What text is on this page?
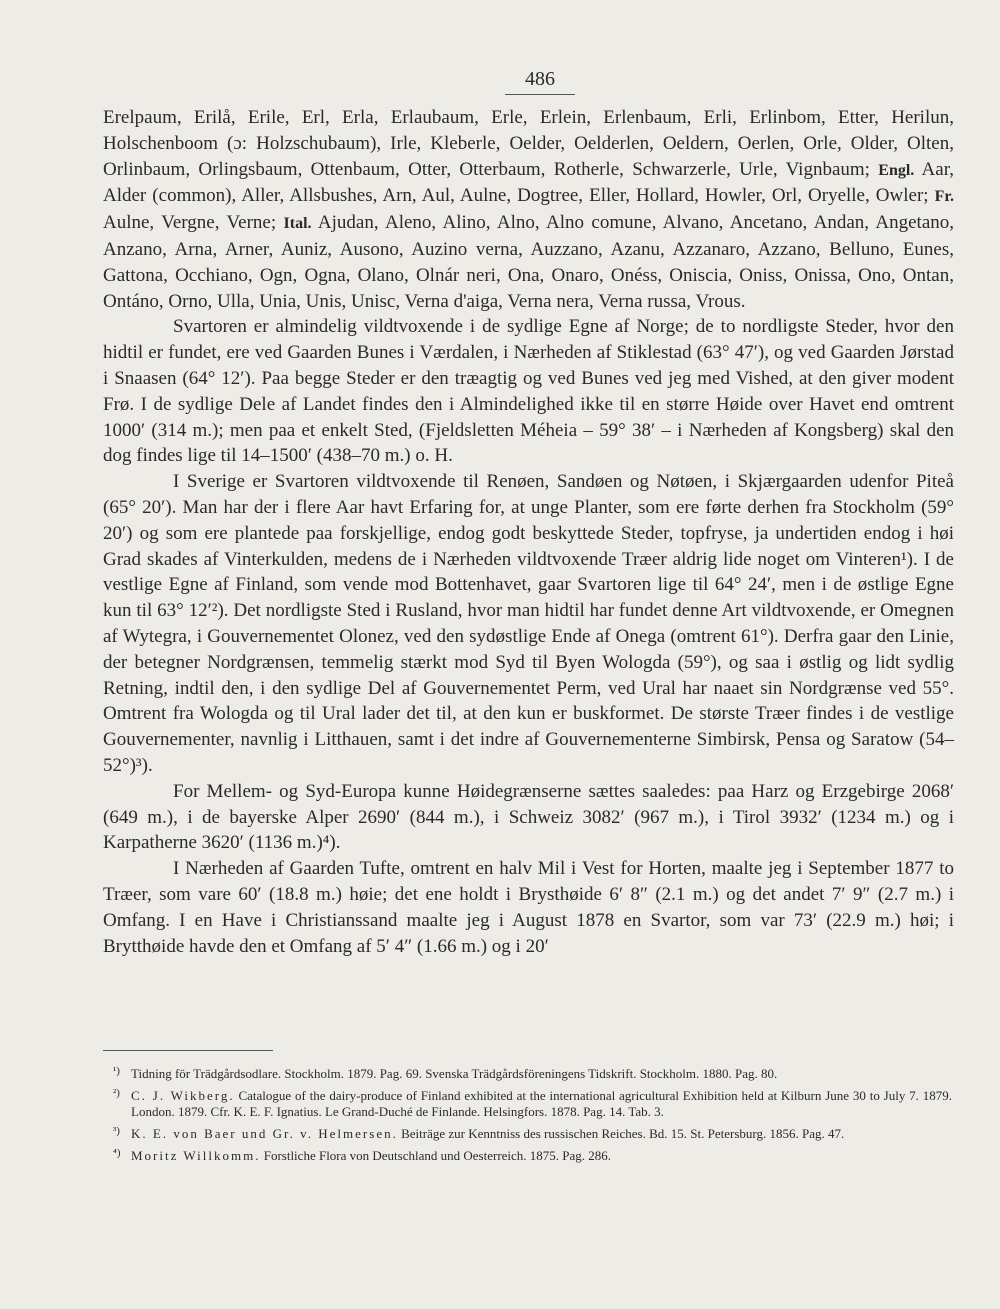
486

Erelpaum, Erilå, Erile, Erl, Erla, Erlaubaum, Erle, Erlein, Erlenbaum, Erli, Erlinbom, Etter, Herilun, Holschenboom (ɔ: Holzschubaum), Irle, Kleberle, Oelder, Oelderlen, Oeldern, Oerlen, Orle, Older, Olten, Orlinbaum, Orlingsbaum, Ottenbaum, Otter, Otterbaum, Rotherle, Schwarzerle, Urle, Vignbaum; Engl. Aar, Alder (common), Aller, Allsbushes, Arn, Aul, Aulne, Dogtree, Eller, Hollard, Howler, Orl, Oryelle, Owler; Fr. Aulne, Vergne, Verne; Ital. Ajudan, Aleno, Alino, Alno, Alno comune, Alvano, Ancetano, Andan, Angetano, Anzano, Arna, Arner, Auniz, Ausono, Auzino verna, Auzzano, Azanu, Azzanaro, Azzano, Belluno, Eunes, Gattona, Occhiano, Ogn, Ogna, Olano, Olnár neri, Ona, Onaro, Onéss, Oniscia, Oniss, Onissa, Ono, Ontan, Ontáno, Orno, Ulla, Unia, Unis, Unisc, Verna d'aiga, Verna nera, Verna russa, Vrous.

Svartoren er almindelig vildtvoxende i de sydlige Egne af Norge; de to nordligste Steder, hvor den hidtil er fundet, ere ved Gaarden Bunes i Værdalen, i Nærheden af Stiklestad (63° 47′), og ved Gaarden Jørstad i Snaasen (64° 12′). Paa begge Steder er den træagtig og ved Bunes ved jeg med Vished, at den giver modent Frø. I de sydlige Dele af Landet findes den i Almindelighed ikke til en større Høide over Havet end omtrent 1000′ (314 m.); men paa et enkelt Sted, (Fjeldsletten Méheia – 59° 38′ – i Nærheden af Kongsberg) skal den dog findes lige til 14–1500′ (438–70 m.) o. H.

I Sverige er Svartoren vildtvoxende til Renøen, Sandøen og Nøtøen, i Skjærgaarden udenfor Piteå (65° 20′). Man har der i flere Aar havt Erfaring for, at unge Planter, som ere førte derhen fra Stockholm (59° 20′) og som ere plantede paa forskjellige, endog godt beskyttede Steder, topfryse, ja undertiden endog i høi Grad skades af Vinterkulden, medens de i Nærheden vildtvoxende Træer aldrig lide noget om Vinteren¹). I de vestlige Egne af Finland, som vende mod Bottenhavet, gaar Svartoren lige til 64° 24′, men i de østlige Egne kun til 63° 12′²). Det nordligste Sted i Rusland, hvor man hidtil har fundet denne Art vildtvoxende, er Omegnen af Wytegra, i Gouvernementet Olonez, ved den sydøstlige Ende af Onega (omtrent 61°). Derfra gaar den Linie, der betegner Nordgrænsen, temmelig stærkt mod Syd til Byen Wologda (59°), og saa i østlig og lidt sydlig Retning, indtil den, i den sydlige Del af Gouvernementet Perm, ved Ural har naaet sin Nordgrænse ved 55°. Omtrent fra Wologda og til Ural lader det til, at den kun er buskformet. De største Træer findes i de vestlige Gouvernementer, navnlig i Litthauen, samt i det indre af Gouvernementerne Simbirsk, Pensa og Saratow (54–52°)³).

For Mellem- og Syd-Europa kunne Høidegrænserne sættes saaledes: paa Harz og Erzgebirge 2068′ (649 m.), i de bayerske Alper 2690′ (844 m.), i Schweiz 3082′ (967 m.), i Tirol 3932′ (1234 m.) og i Karpatherne 3620′ (1136 m.)⁴).

I Nærheden af Gaarden Tufte, omtrent en halv Mil i Vest for Horten, maalte jeg i September 1877 to Træer, som vare 60′ (18.8 m.) høie; det ene holdt i Brysthøide 6′ 8″ (2.1 m.) og det andet 7′ 9″ (2.7 m.) i Omfang. I en Have i Christianssand maalte jeg i August 1878 en Svartor, som var 73′ (22.9 m.) høi; i Brytthøide havde den et Omfang af 5′ 4″ (1.66 m.) og i 20′

¹) Tidning för Trädgårdsodlare. Stockholm. 1879. Pag. 69. Svenska Trädgårdsföreningens Tidskrift. Stockholm. 1880. Pag. 80.
²) C. J. Wikberg. Catalogue of the dairy-produce of Finland exhibited at the international agricultural Exhibition held at Kilburn June 30 to July 7. 1879. London. 1879. Cfr. K. E. F. Ignatius. Le Grand-Duché de Finlande. Helsingfors. 1878. Pag. 14. Tab. 3.
³) K. E. von Baer und Gr. v. Helmersen. Beiträge zur Kenntniss des russischen Reiches. Bd. 15. St. Petersburg. 1856. Pag. 47.
⁴) Moritz Willkomm. Forstliche Flora von Deutschland und Oesterreich. 1875. Pag. 286.
